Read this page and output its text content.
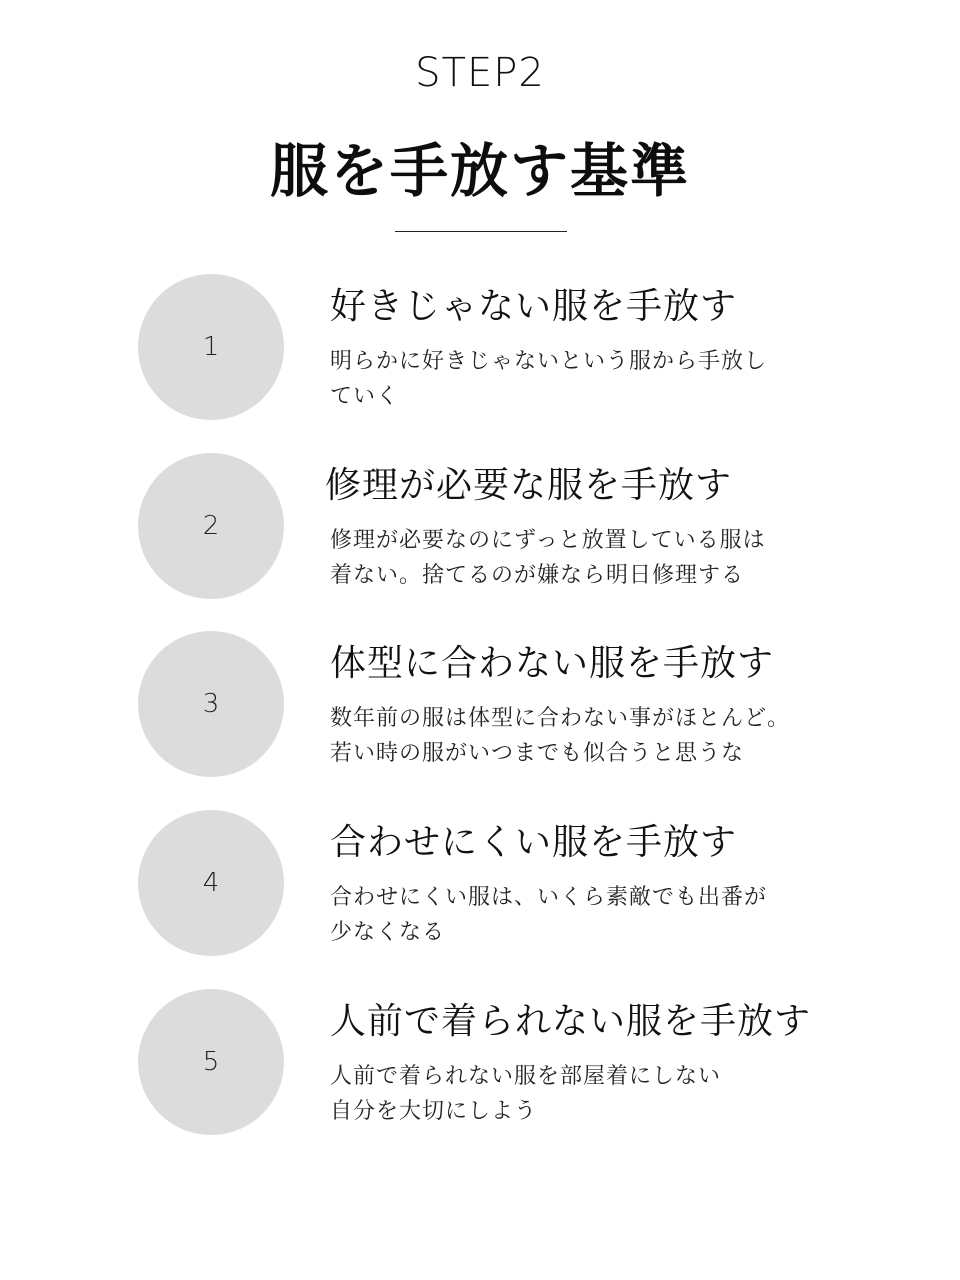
STEP2
服を手放す基準
1
好きじゃない服を手放す
明らかに好きじゃないという服から手放し
ていく
2
修理が必要な服を手放す
修理が必要なのにずっと放置している服は
着ない。捨てるのが嫌なら明日修理する
3
体型に合わない服を手放す
数年前の服は体型に合わない事がほとんど。
若い時の服がいつまでも似合うと思うな
4
合わせにくい服を手放す
合わせにくい服は、いくら素敵でも出番が
少なくなる
5
人前で着られない服を手放す
人前で着られない服を部屋着にしない
自分を大切にしよう
